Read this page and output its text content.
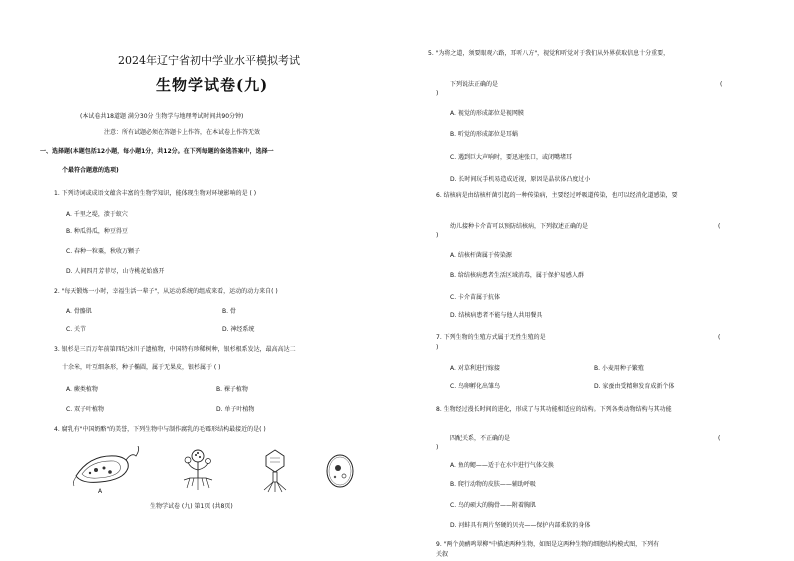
2024年辽宁省初中学业水平模拟考试
生物学试卷(九)
(本试卷共18道题 满分30分 生物学与地理考试时间共90分钟)
注意：所有试题必须在答题卡上作答，在本试卷上作答无效
一、选择题(本题包括12小题，每小题1分，共12分。在下列每题的备选答案中，选择一
个最符合题意的选项)
1. 下列诗词或成语文蕴含丰富的生物学知识，能体现生物对环境影响的是 ( )
A. 千里之堤，溃于蚁穴
B. 种瓜得瓜，种豆得豆
C. 春种一粒粟，秋收万颗子
D. 人间四月芳菲尽，山寺桃花始盛开
2. "每天锻炼一小时，幸福生活一辈子"，从运动系统的组成来看，运动的动力来自( )
A. 骨骼肌	B. 骨
C. 关节	D. 神经系统
3. 银杉是三百万年前第四纪冰川子遗植物，中国特有珍稀树种，银杉根系发达，最高高达二
十余米，叶互细条形，种子椭圆，属于无果皮，银杉属于 ( )
A. 蕨类植物	B. 裸子植物
C. 双子叶植物	D. 单子叶植物
4. 腐乳有"中国奶酪"的美誉，下列生物中与制作腐乳的毛霉形结构最接近的是( )
A
生物学试卷 (九) 第1页 (共8页)
5. "为将之道，须要眼观六路，耳听八方"，视觉和听觉对于我们从外界获取信息十分重要，
下列说法正确的是	(
)
A. 视觉的形成部位是视网膜
B. 听觉的形成部位是耳蜗
C. 遇到巨大声响时，要迅速张口，或闭嘴堵耳
D. 长时间玩手机易造成近视，原因是晶状体凸度过小
6. 结核病是由结核杆菌引起的一种传染病，主要经过呼吸道传染，也可以经消化道感染，要
幼儿接种卡介苗可以预防结核病，下列叙述正确的是	(
)
A. 结核杆菌属于传染源
B. 给结核病患者生活区域消毒，属于保护易感人群
C. 卡介苗属于抗体
D. 结核病患者不能与他人共用餐具
7. 下列生物的生殖方式属于无性生殖的是	(
)
A. 对草利进行嫁接	B. 小麦用种子繁殖
C. 鸟卵孵化出雏鸟	D. 家蚕由受精卵发育成新个体
8. 生物经过漫长时间的进化，形成了与其功能相适应的结构。下列各类动物结构与其功能
四配关系，不正确的是	(
)
A. 鱼的鳃——适于在水中进行气体交换
B. 爬行动物的皮肤——辅助呼吸
C. 鸟的硕大的胸骨——附着胸肌
D. 河蚌具有两片坚硬的贝壳——保护内部柔软的身体
9. "两个黄鹂鸣翠柳"中描述两种生物，如图是这两种生物的细胞结构模式图，下列有
关叙
